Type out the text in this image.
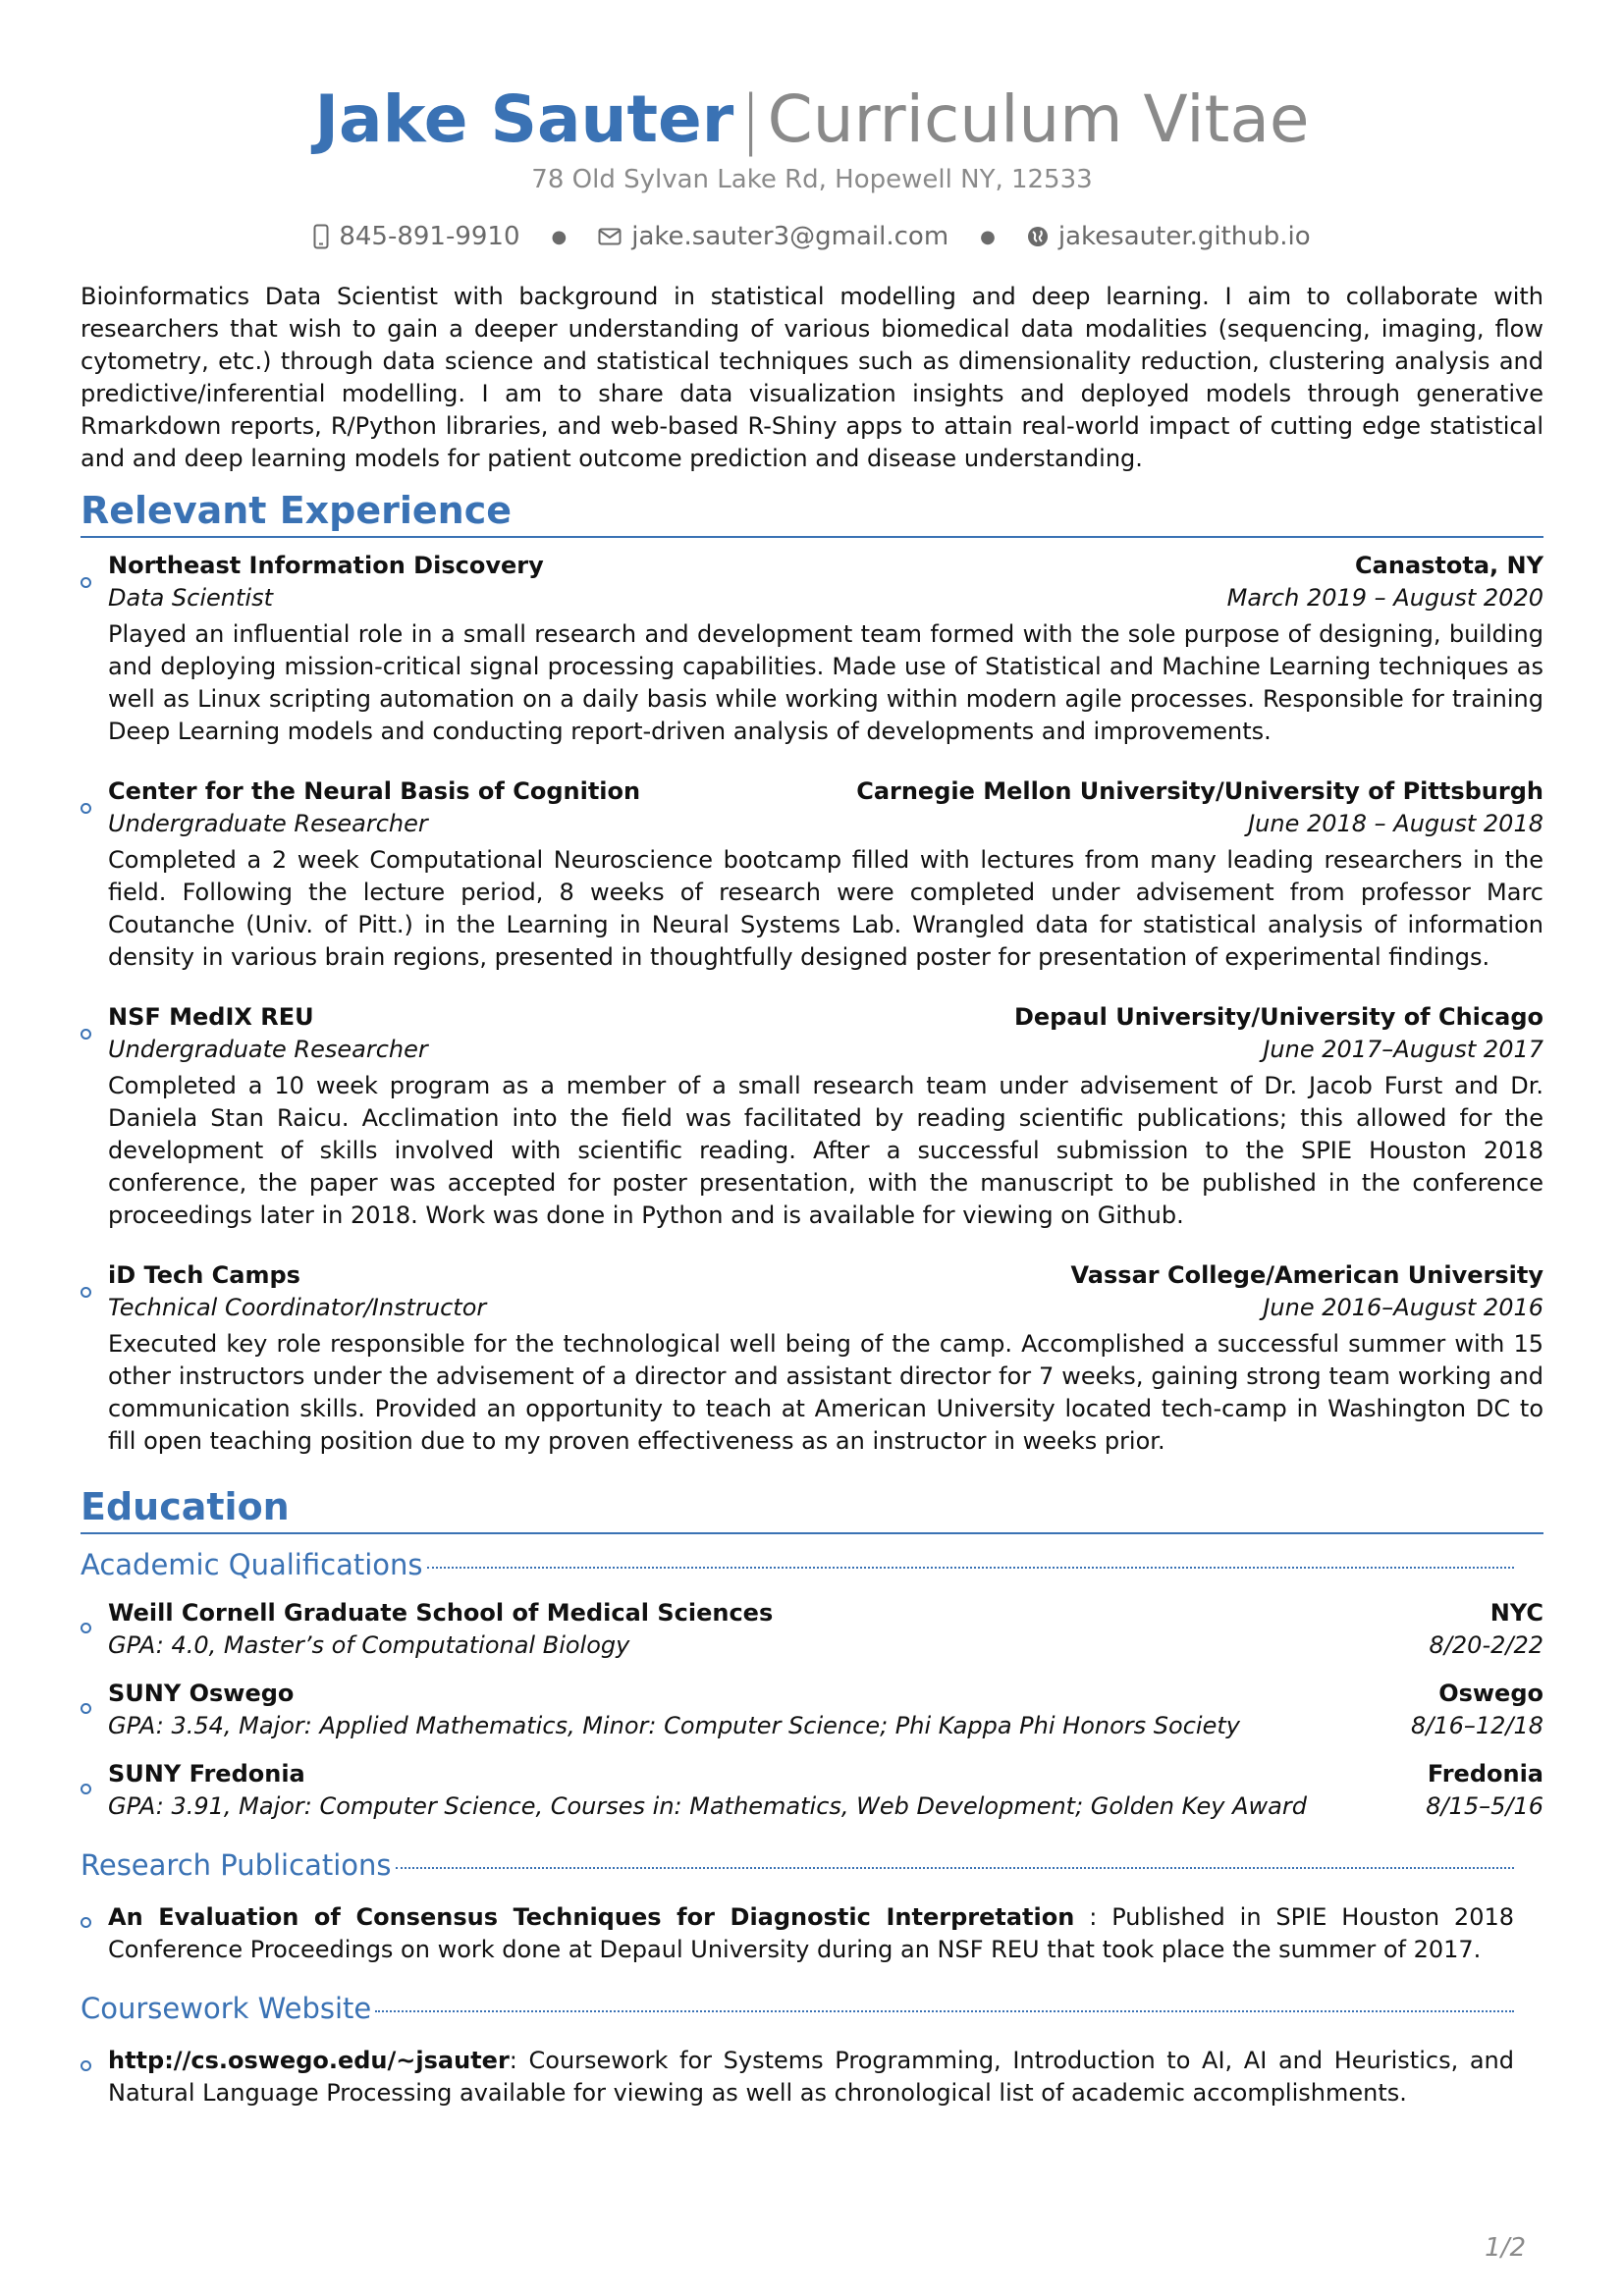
Jake Sauter|Curriculum Vitae
78 Old Sylvan Lake Rd, Hopewell NY, 12533
845-891-9910 ●	jake.sauter3@gmail.com ● jakesauter.github.io
Bioinformatics Data Scientist with background in statistical modelling and deep learning. I aim to collaborate with researchers that wish to gain a deeper understanding of various biomedical data modalities (sequencing, imaging, flow cytometry, etc.) through data science and statistical techniques such as dimensionality reduction, clustering analysis and predictive/inferential modelling. I am to share data visualization insights and deployed models through generative Rmarkdown reports, R/Python libraries, and web-based R-Shiny apps to attain real-world impact of cutting edge statistical and and deep learning models for patient outcome prediction and disease understanding.
Relevant Experience
Northeast Information Discovery	Canastota, NY
Data Scientist	March 2019 – August 2020
Played an influential role in a small research and development team formed with the sole purpose of designing, building and deploying mission-critical signal processing capabilities. Made use of Statistical and Machine Learning techniques as well as Linux scripting automation on a daily basis while working within modern agile processes. Responsible for training Deep Learning models and conducting report-driven analysis of developments and improvements.
Center for the Neural Basis of Cognition	Carnegie Mellon University/University of Pittsburgh
Undergraduate Researcher	June 2018 – August 2018
Completed a 2 week Computational Neuroscience bootcamp filled with lectures from many leading researchers in the field. Following the lecture period, 8 weeks of research were completed under advisement from professor Marc Coutanche (Univ. of Pitt.) in the Learning in Neural Systems Lab. Wrangled data for statistical analysis of information density in various brain regions, presented in thoughtfully designed poster for presentation of experimental findings.
NSF MedIX REU	Depaul University/University of Chicago
Undergraduate Researcher	June 2017–August 2017
Completed a 10 week program as a member of a small research team under advisement of Dr. Jacob Furst and Dr. Daniela Stan Raicu. Acclimation into the field was facilitated by reading scientific publications; this allowed for the development of skills involved with scientific reading. After a successful submission to the SPIE Houston 2018 conference, the paper was accepted for poster presentation, with the manuscript to be published in the conference proceedings later in 2018. Work was done in Python and is available for viewing on Github.
iD Tech Camps	Vassar College/American University
Technical Coordinator/Instructor	June 2016–August 2016
Executed key role responsible for the technological well being of the camp. Accomplished a successful summer with 15 other instructors under the advisement of a director and assistant director for 7 weeks, gaining strong team working and communication skills. Provided an opportunity to teach at American University located tech-camp in Washington DC to fill open teaching position due to my proven effectiveness as an instructor in weeks prior.
Education
Academic Qualifications
Weill Cornell Graduate School of Medical Sciences	NYC
GPA: 4.0, Master’s of Computational Biology	8/20-2/22
SUNY Oswego	Oswego
GPA: 3.54, Major: Applied Mathematics, Minor: Computer Science; Phi Kappa Phi Honors Society	8/16–12/18
SUNY Fredonia	Fredonia
GPA: 3.91, Major: Computer Science, Courses in: Mathematics, Web Development; Golden Key Award	8/15–5/16
Research Publications
An Evaluation of Consensus Techniques for Diagnostic Interpretation : Published in SPIE Houston 2018 Conference Proceedings on work done at Depaul University during an NSF REU that took place the summer of 2017.
Coursework Website
http://cs.oswego.edu/~jsauter: Coursework for Systems Programming, Introduction to AI, AI and Heuristics, and Natural Language Processing available for viewing as well as chronological list of academic accomplishments.
1/2
